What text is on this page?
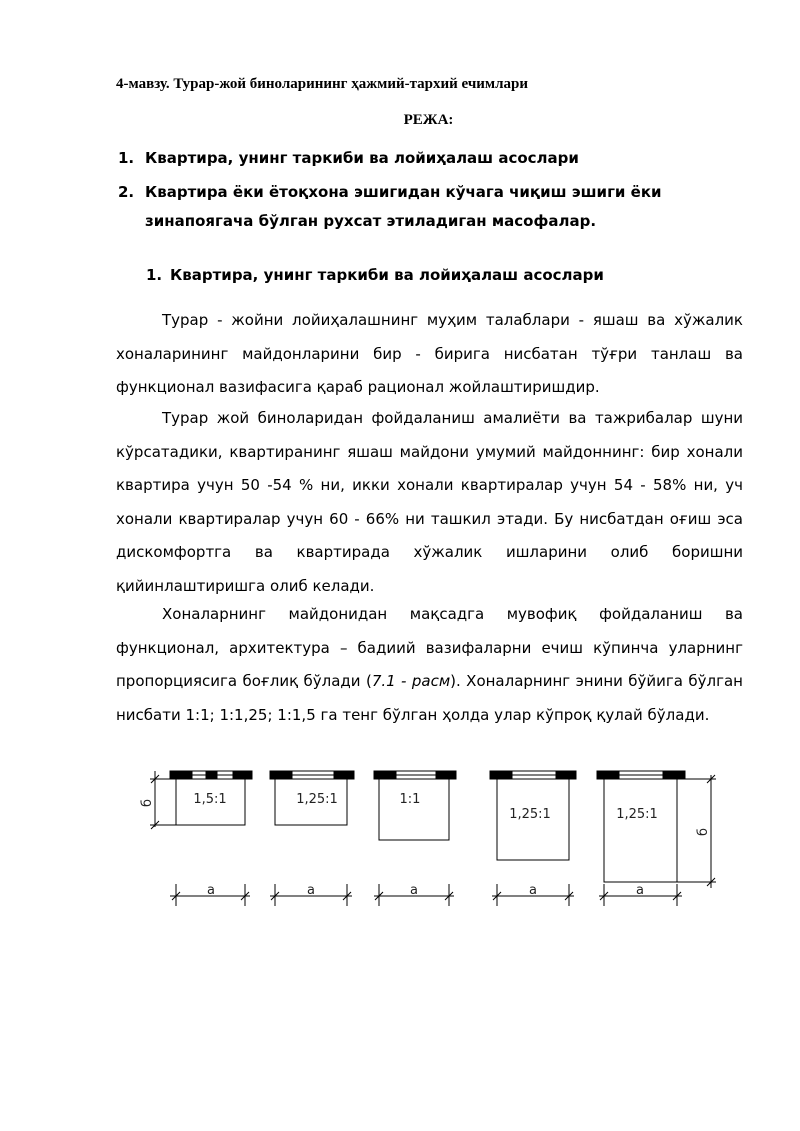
4-мавзу. Турар-жой биноларининг ҳажмий-тархий ечимлари
РЕЖА:
1. Квартира, унинг таркиби ва лойиҳалаш асослари
2. Квартира ёки ётоқхона эшигидан кўчага чиқиш эшиги ёки зинапоягача бўлган рухсат этиладиган масофалар.
1. Квартира, унинг таркиби ва лойиҳалаш асослари

Турар - жойни лойиҳалашнинг муҳим талаблари - яшаш ва хўжалик хоналарининг майдонларини бир - бирига нисбатан тўғри танлаш ва функционал вазифасига қараб рационал жойлаштиришдир.

Турар жой биноларидан фойдаланиш амалиёти ва тажрибалар шуни кўрсатадики, квартиранинг яшаш майдони умумий майдоннинг: бир хонали квартира учун 50 -54 % ни, икки хонали квартиралар учун 54 - 58% ни, уч хонали квартиралар учун 60 - 66% ни ташкил этади. Бу нисбатдан оғиш эса дискомфортга ва квартирада хўжалик ишларини олиб боришни қийинлаштиришга олиб келади.

Хоналарнинг майдонидан мақсадга мувофиқ фойдаланиш ва функционал, архитектура – бадиий вазифаларни ечиш кўпинча уларнинг пропорциясига боғлиқ бўлади (7.1 - расм). Хоналарнинг энини бўйига бўлган нисбати 1:1; 1:1,25; 1:1,5 га тенг бўлган ҳолда улар кўпроқ қулай бўлади.

1,5:1	1,25:1	1:1
1,25:1	1,25:1
a	a	a	a	a
б
б
